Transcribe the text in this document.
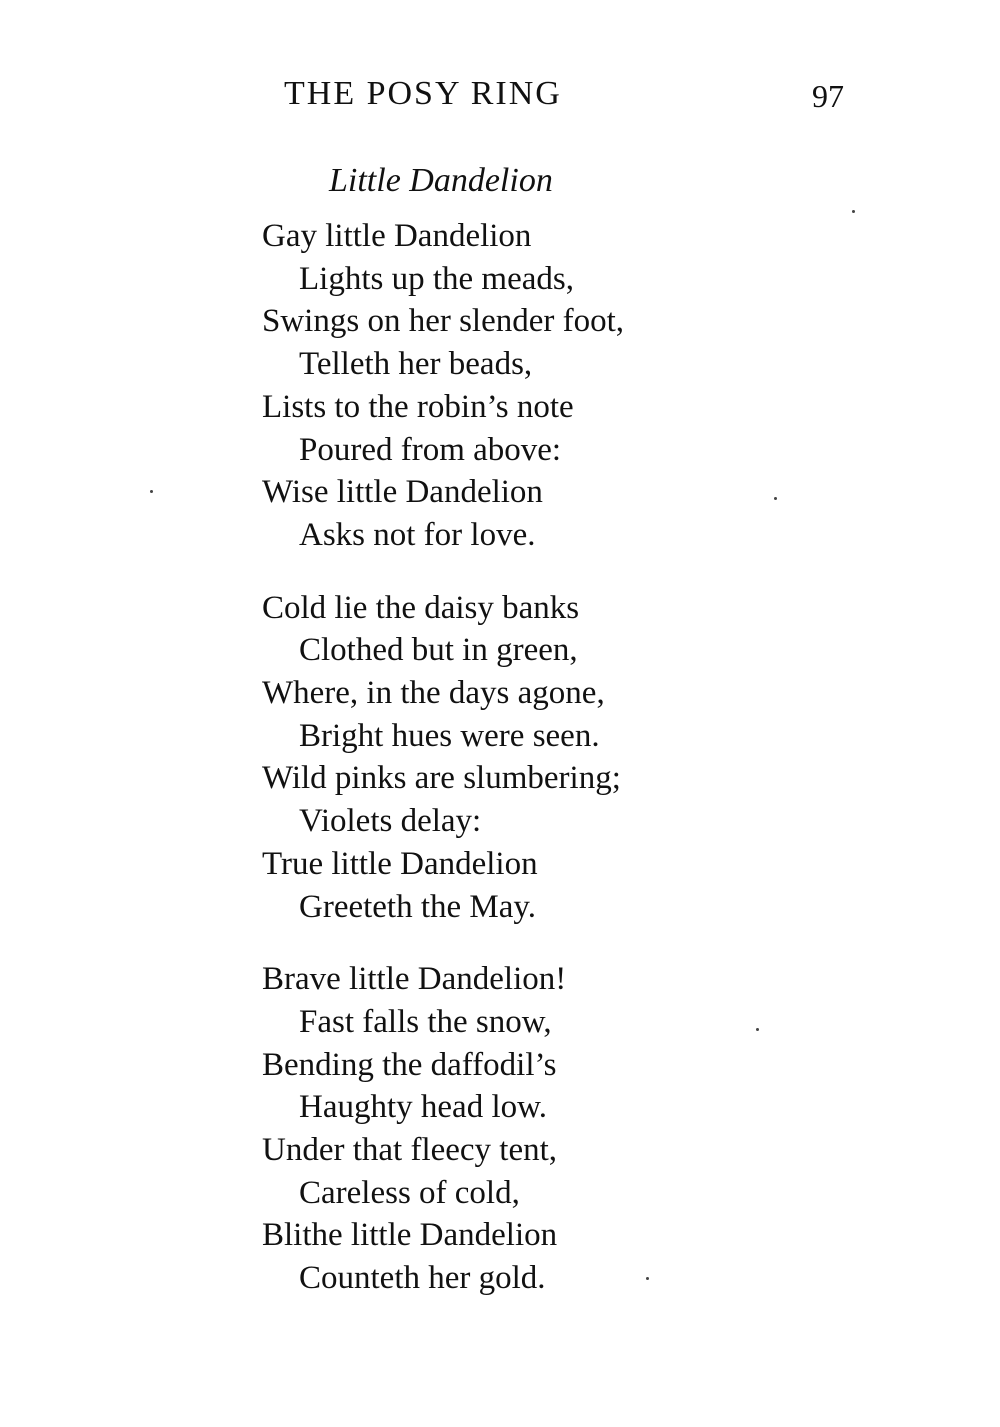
THE POSY RING	97
Little Dandelion
Gay little Dandelion
Lights up the meads,
Swings on her slender foot,
Telleth her beads,
Lists to the robin’s note
Poured from above:
Wise little Dandelion
Asks not for love.
Cold lie the daisy banks
Clothed but in green,
Where, in the days agone,
Bright hues were seen.
Wild pinks are slumbering;
Violets delay:
True little Dandelion
Greeteth the May.
Brave little Dandelion!
Fast falls the snow,
Bending the daffodil’s
Haughty head low.
Under that fleecy tent,
Careless of cold,
Blithe little Dandelion
Counteth her gold.
